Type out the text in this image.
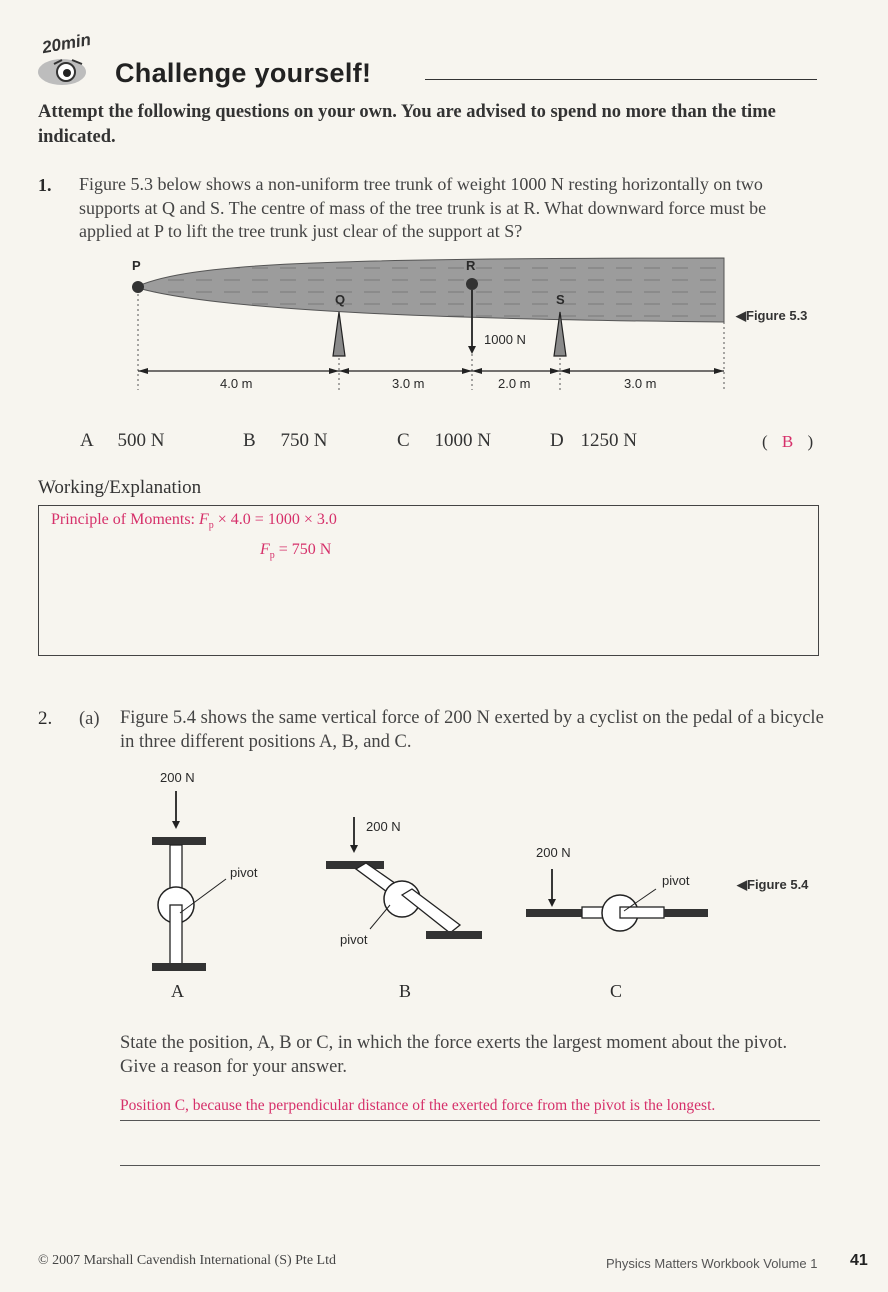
20min
Challenge yourself!
Attempt the following questions on your own. You are advised to spend no more than the time indicated.
1. Figure 5.3 below shows a non-uniform tree trunk of weight 1000 N resting horizontally on two supports at Q and S. The centre of mass of the tree trunk is at R. What downward force must be applied at P to lift the tree trunk just clear of the support at S?
P
Q
R
S
1000 N
4.0 m	3.0 m	2.0 m	3.0 m
◀Figure 5.3
A 500 N	B 750 N	C 1000 N	D 1250 N	( B )
Working/Explanation
Principle of Moments: $F_p \times 4.0 = 1000 \times 3.0$
$F_p = 750$ N
2. (a) Figure 5.4 shows the same vertical force of 200 N exerted by a cyclist on the pedal of a bicycle in three different positions A, B, and C.
200 N
pivot
200 N
pivot
200 N
pivot
A	B	C
◀Figure 5.4
State the position, A, B or C, in which the force exerts the largest moment about the pivot. Give a reason for your answer.
Position C, because the perpendicular distance of the exerted force from the pivot is the longest.
© 2007 Marshall Cavendish International (S) Pte Ltd	Physics Matters Workbook Volume 1 41
